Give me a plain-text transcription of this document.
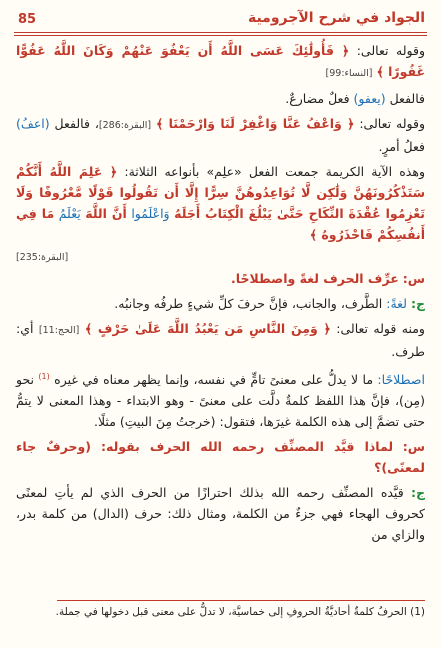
85	الجواد في شرح الآجرومية

وقوله تعالى: ﴿ فَأُولَٰئِكَ عَسَى اللَّهُ أَن يَعْفُوَ عَنْهُمْ وَكَانَ اللَّهُ عَفُوًّا غَفُورًا ﴾ [النساء:99]

فالفعل (يعفو) فعلٌ مضارعٌ.

وقوله تعالى: ﴿ وَاعْفُ عَنَّا وَاغْفِرْ لَنَا وَارْحَمْنَا ﴾ [البقرة:286]، فالفعل (اعفُ) فعلُ أمرٍ.

وهذه الآية الكريمة جمعت الفعل «علِم» بأنواعه الثلاثة: ﴿ عَلِمَ اللَّهُ أَنَّكُمْ سَتَذْكُرُونَهُنَّ وَلَٰكِن لَّا تُوَاعِدُوهُنَّ سِرًّا إِلَّا أَن تَقُولُوا قَوْلًا مَّعْرُوفًا وَلَا تَعْزِمُوا عُقْدَةَ النِّكَاحِ حَتَّىٰ يَبْلُغَ الْكِتَابُ أَجَلَهُ وَاعْلَمُوا أَنَّ اللَّهَ يَعْلَمُ مَا فِي أَنفُسِكُمْ فَاحْذَرُوهُ ﴾

[البقرة:235]

س: عرِّف الحرف لغةً واصطلاحًا.

ج: لغةً: الطَّرف، والجانب، فإنَّ حرفَ كلِّ شيءٍ طرفُه وجانبُه.

ومنه قوله تعالى: ﴿ وَمِنَ النَّاسِ مَن يَعْبُدُ اللَّهَ عَلَىٰ حَرْفٍ ﴾ [الحج:11] أي: طرف.

اصطلاحًا: ما لا يدلُّ على معنىً تامٍّ في نفسه، وإنما يظهر معناه في غيره $^{(1)}$ نحو (مِن)، فإنَّ هذا اللفظ كلمةٌ دلَّت على معنىً - وهو الابتداء - وهذا المعنى لا يتمُّ حتى تضمَّ إلى هذه الكلمة غيرَها، فتقول: (خرجتُ مِنَ البيتِ) مثلًا.

س: لماذا قيَّد المصنِّف رحمه الله الحرف بقوله: (وحرفٌ جاء لمعنًى)؟

ج: قيَّده المصنِّف رحمه الله بذلك احترازًا من الحرف الذي لم يأتِ لمعنًى كحروف الهجاء فهي جزءٌ من الكلمة، ومثال ذلك: حرف (الدال) من كلمة بدر، والزاي من

(1) الحرفُ كلمةٌ أحاديَّةُ الحروفِ إلى خماسيَّة، لا تدلُّ على معنى قبل دخولها في جملة.
